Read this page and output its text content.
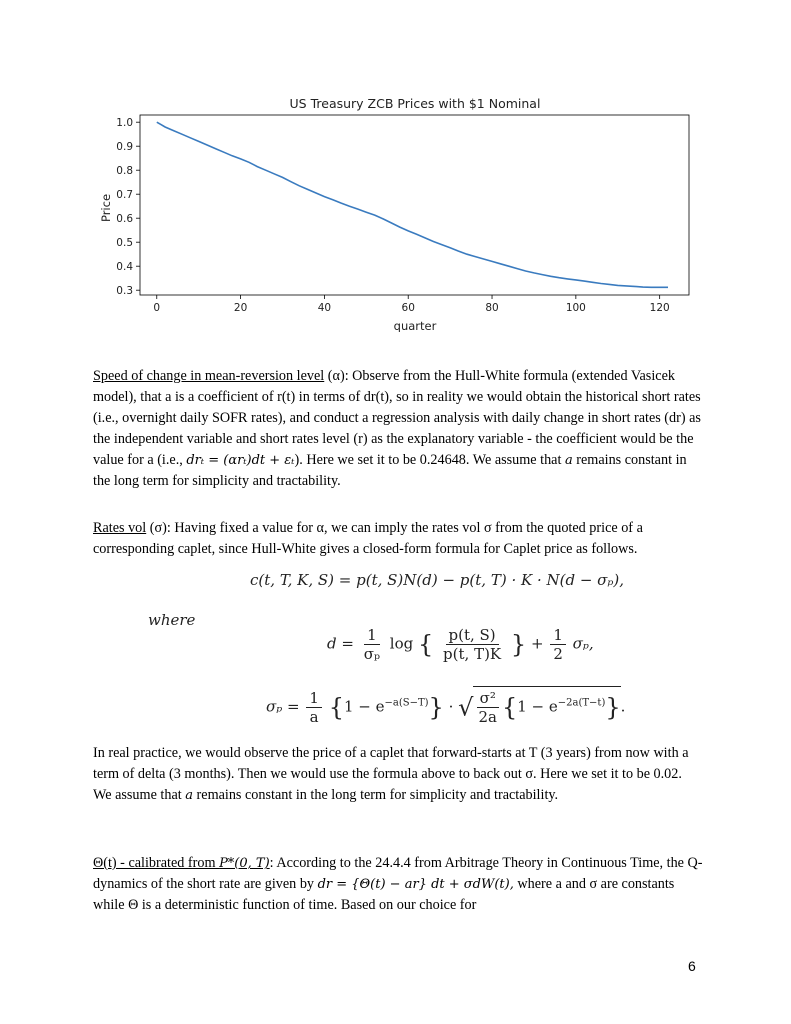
US Treasury ZCB Prices with $1 Nominal
0	20	40	60	80	100	120
0.3
0.4
0.5
0.6
0.7
0.8
0.9
1.0
quarter
Price
Speed of change in mean-reversion level (α): Observe from the Hull-White formula (extended Vasicek model), that a is a coefficient of r(t) in terms of dr(t), so in reality we would obtain the historical short rates (i.e., overnight daily SOFR rates), and conduct a regression analysis with daily change in short rates (dr) as the independent variable and short rates level (r) as the explanatory variable - the coefficient would be the value for a (i.e., drₜ = (αrₜ)dt + εₜ). Here we set it to be 0.24648. We assume that a remains constant in the long term for simplicity and tractability.
Rates vol (σ): Having fixed a value for α, we can imply the rates vol σ from the quoted price of a corresponding caplet, since Hull-White gives a closed-form formula for Caplet price as follows.
c(t, T, K, S) = p(t, S)N(d) − p(t, T) · K · N(d − σₚ),
where
$d = \frac{1}{\text{σₚ}}$ log { $\frac{p(t, S)}{p(t, T)K}$ } + $\frac{1}{2} \sigma_p$,
$\sigma_p = \frac{1}{a} \{1 - e^{-a(S-T)}\}$ · √ $\frac{\text{σ²}}{2a} \{1 - e^{-2a(T-t)}\}$.
In real practice, we would observe the price of a caplet that forward-starts at T (3 years) from now with a term of delta (3 months). Then we would use the formula above to back out σ. Here we set it to be 0.02. We assume that a remains constant in the long term for simplicity and tractability.
Θ(t) - calibrated from P*(0, T): According to the 24.4.4 from Arbitrage Theory in Continuous Time, the Q-dynamics of the short rate are given by dr = {Θ(t) − ar} dt + σdW(t), where a and σ are constants while Θ is a deterministic function of time. Based on our choice for
6
